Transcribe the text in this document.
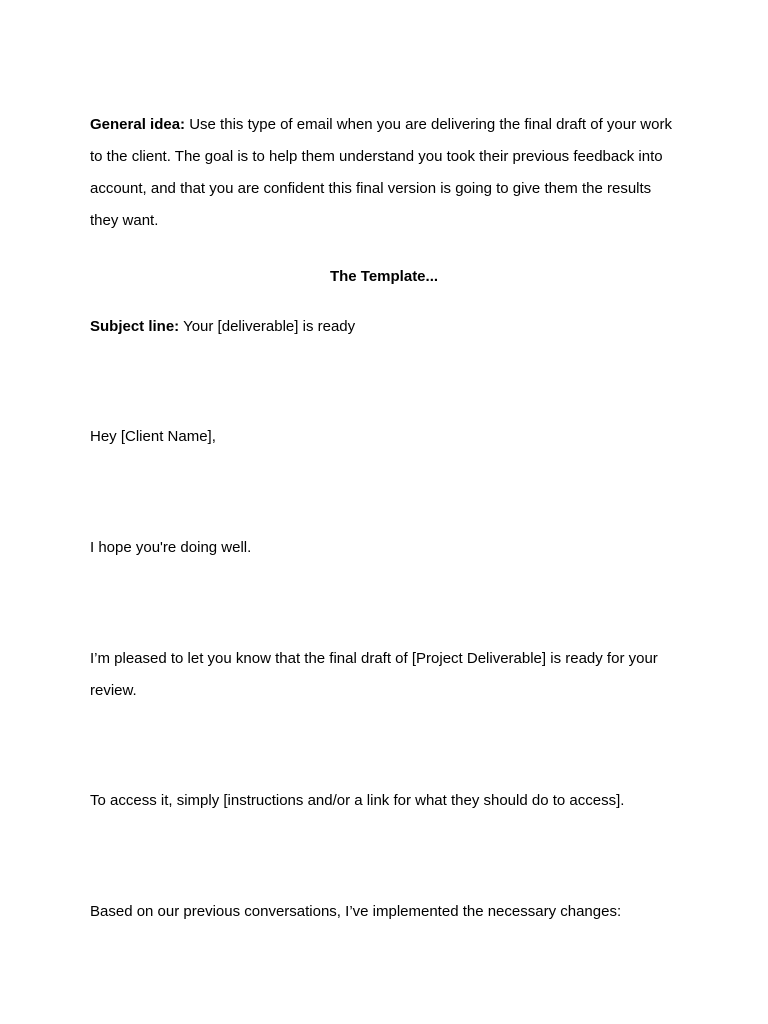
General idea: Use this type of email when you are delivering the final draft of your work to the client. The goal is to help them understand you took their previous feedback into account, and that you are confident this final version is going to give them the results they want.

The Template...

Subject line: Your [deliverable] is ready

Hey [Client Name],

I hope you're doing well.

I’m pleased to let you know that the final draft of [Project Deliverable] is ready for your review.

To access it, simply [instructions and/or a link for what they should do to access].

Based on our previous conversations, I’ve implemented the necessary changes:
